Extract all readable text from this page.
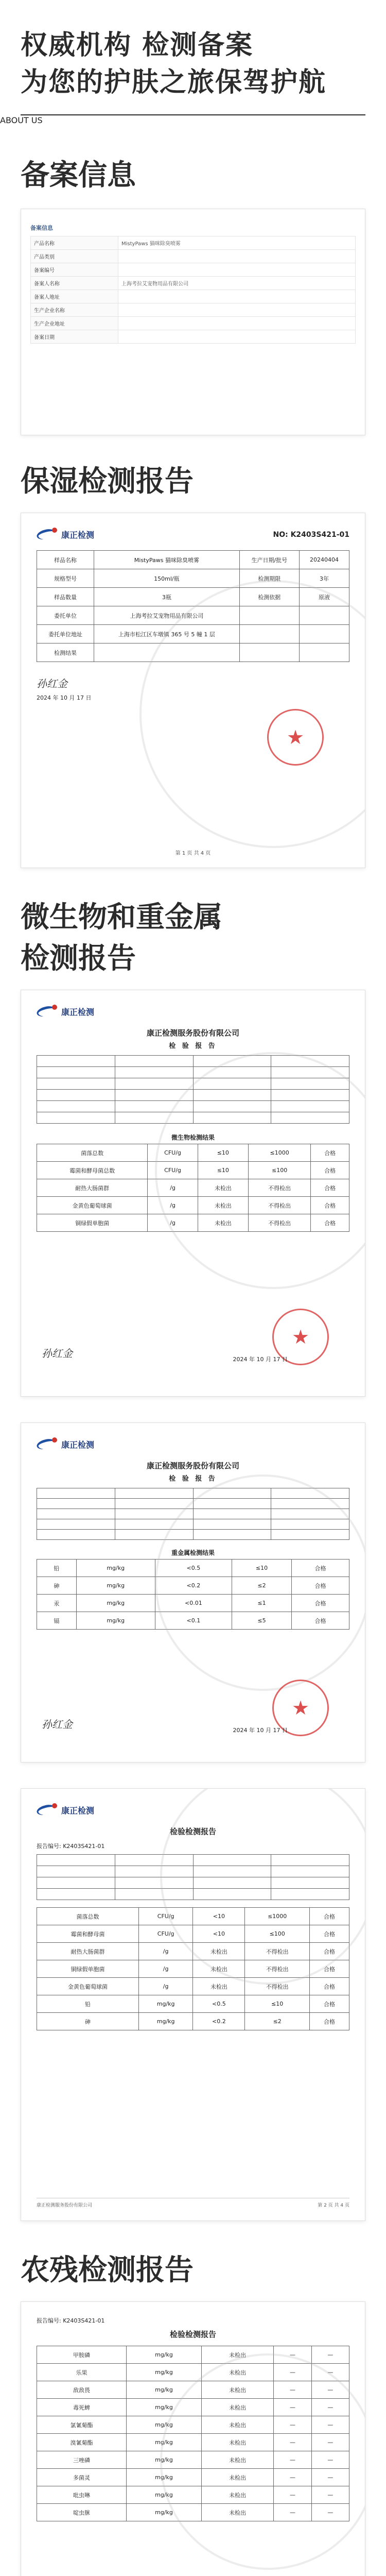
权威机构 检测备案
为您的护肤之旅保驾护航
ABOUT US
备案信息
备案信息
产品名称	MistyPaws 猫咪除臭喷雾
产品类别	
备案编号	
备案人名称	上海考拉艾宠物用品有限公司
备案人地址	
生产企业名称	
生产企业地址	
备案日期	
保湿检测报告
康正检测	NO: K2403S421-01
样品名称	MistyPaws 猫咪除臭喷雾	生产日期/批号	20240404
规格型号	150ml/瓶	检测期限	3年
样品数量	3瓶	检测依据	原液
委托单位	上海考拉艾宠物用品有限公司		
委托单位地址	上海市松江区车墩镇 365 号 5 幢 1 层		
检测结果			
孙红金
2024 年 10 月 17 日
★
第 1 页 共 4 页
微生物和重金属
检测报告
康正检测
康正检测服务股份有限公司
检 验 报 告

微生物检测结果
菌落总数	CFU/g	≤10	≤1000	合格
霉菌和酵母菌总数	CFU/g	≤10	≤100	合格
耐热大肠菌群	/g	未检出	不得检出	合格
金黄色葡萄球菌	/g	未检出	不得检出	合格
铜绿假单胞菌	/g	未检出	不得检出	合格
★
孙红金	2024 年 10 月 17 日
康正检测
康正检测服务股份有限公司
检 验 报 告

重金属检测结果
铅	mg/kg	<0.5	≤10	合格
砷	mg/kg	<0.2	≤2	合格
汞	mg/kg	<0.01	≤1	合格
镉	mg/kg	<0.1	≤5	合格
★
孙红金	2024 年 10 月 17 日
康正检测
检验检测报告
报告编号: K2403S421-01

菌落总数	CFU/g	<10	≤1000	合格
霉菌和酵母菌	CFU/g	<10	≤100	合格
耐热大肠菌群	/g	未检出	不得检出	合格
铜绿假单胞菌	/g	未检出	不得检出	合格
金黄色葡萄球菌	/g	未检出	不得检出	合格
铅	mg/kg	<0.5	≤10	合格
砷	mg/kg	<0.2	≤2	合格
康正检测服务股份有限公司	第 2 页 共 4 页
农残检测报告
报告编号: K2403S421-01
检验检测报告
甲胺磷	mg/kg	未检出	—	—
乐果	mg/kg	未检出	—	—
敌敌畏	mg/kg	未检出	—	—
毒死蜱	mg/kg	未检出	—	—
氯氰菊酯	mg/kg	未检出	—	—
溴氰菊酯	mg/kg	未检出	—	—
三唑磷	mg/kg	未检出	—	—
多菌灵	mg/kg	未检出	—	—
吡虫啉	mg/kg	未检出	—	—
啶虫脒	mg/kg	未检出	—	—
